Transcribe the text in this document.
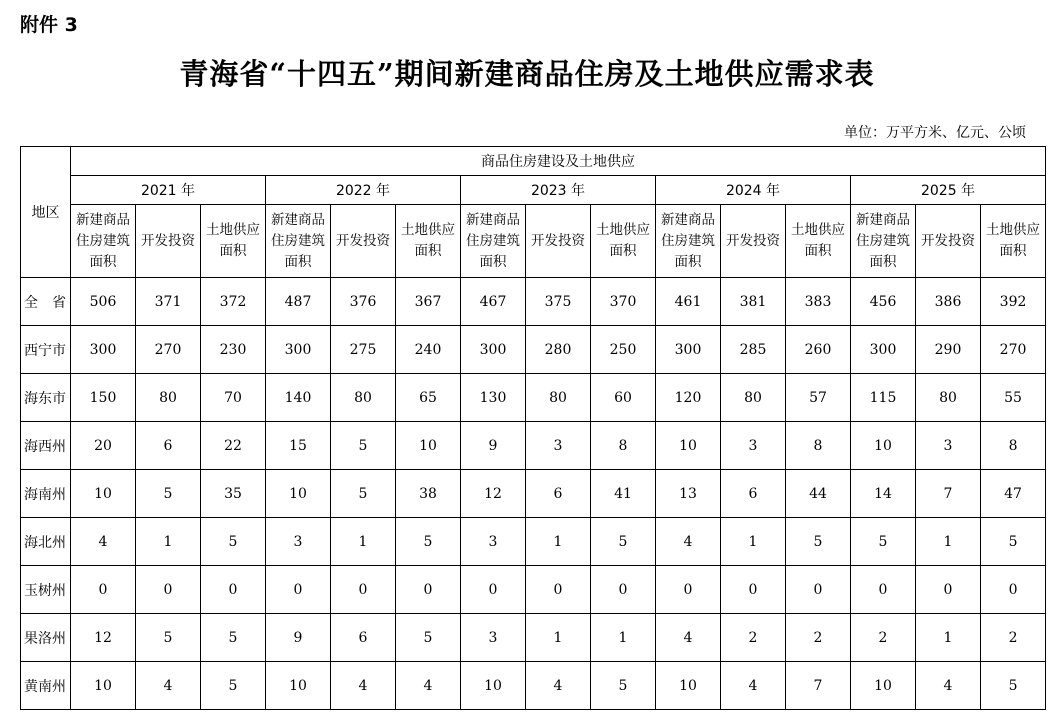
附件 3
青海省“十四五”期间新建商品住房及土地供应需求表
单位：万平方米、亿元、公顷
地区	商品住房建设及土地供应														
	2021 年			2022 年			2023 年			2024 年			2025 年		

	新建商品住房建筑面积	开发投资	土地供应面积	新建商品住房建筑面积	开发投资	土地供应面积	新建商品住房建筑面积	开发投资	土地供应面积	新建商品住房建筑面积	开发投资	土地供应面积	新建商品住房建筑面积	开发投资	土地供应面积

全　省	506	371	372	487	376	367	467	375	370	461	381	383	456	386	392
西宁市	300	270	230	300	275	240	300	280	250	300	285	260	300	290	270
海东市	150	80	70	140	80	65	130	80	60	120	80	57	115	80	55
海西州	20	6	22	15	5	10	9	3	8	10	3	8	10	3	8
海南州	10	5	35	10	5	38	12	6	41	13	6	44	14	7	47
海北州	4	1	5	3	1	5	3	1	5	4	1	5	5	1	5
玉树州	0	0	0	0	0	0	0	0	0	0	0	0	0	0	0
果洛州	12	5	5	9	6	5	3	1	1	4	2	2	2	1	2
黄南州	10	4	5	10	4	4	10	4	5	10	4	7	10	4	5
